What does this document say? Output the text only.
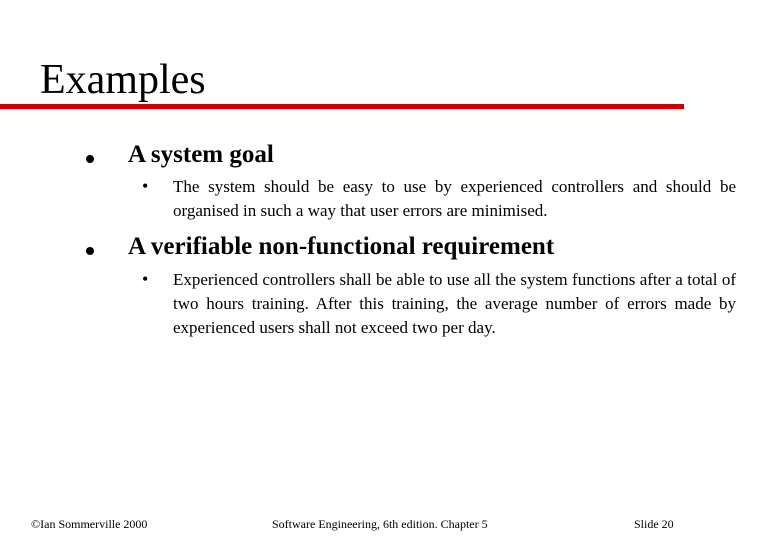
Examples
A system goal
• The system should be easy to use by experienced controllers and should be organised in such a way that user errors are minimised.

A verifiable non-functional requirement
• Experienced controllers shall be able to use all the system functions after a total of two hours training. After this training, the average number of errors made by experienced users shall not exceed two per day.

©Ian Sommerville 2000	Software Engineering, 6th edition. Chapter 5	Slide 20
